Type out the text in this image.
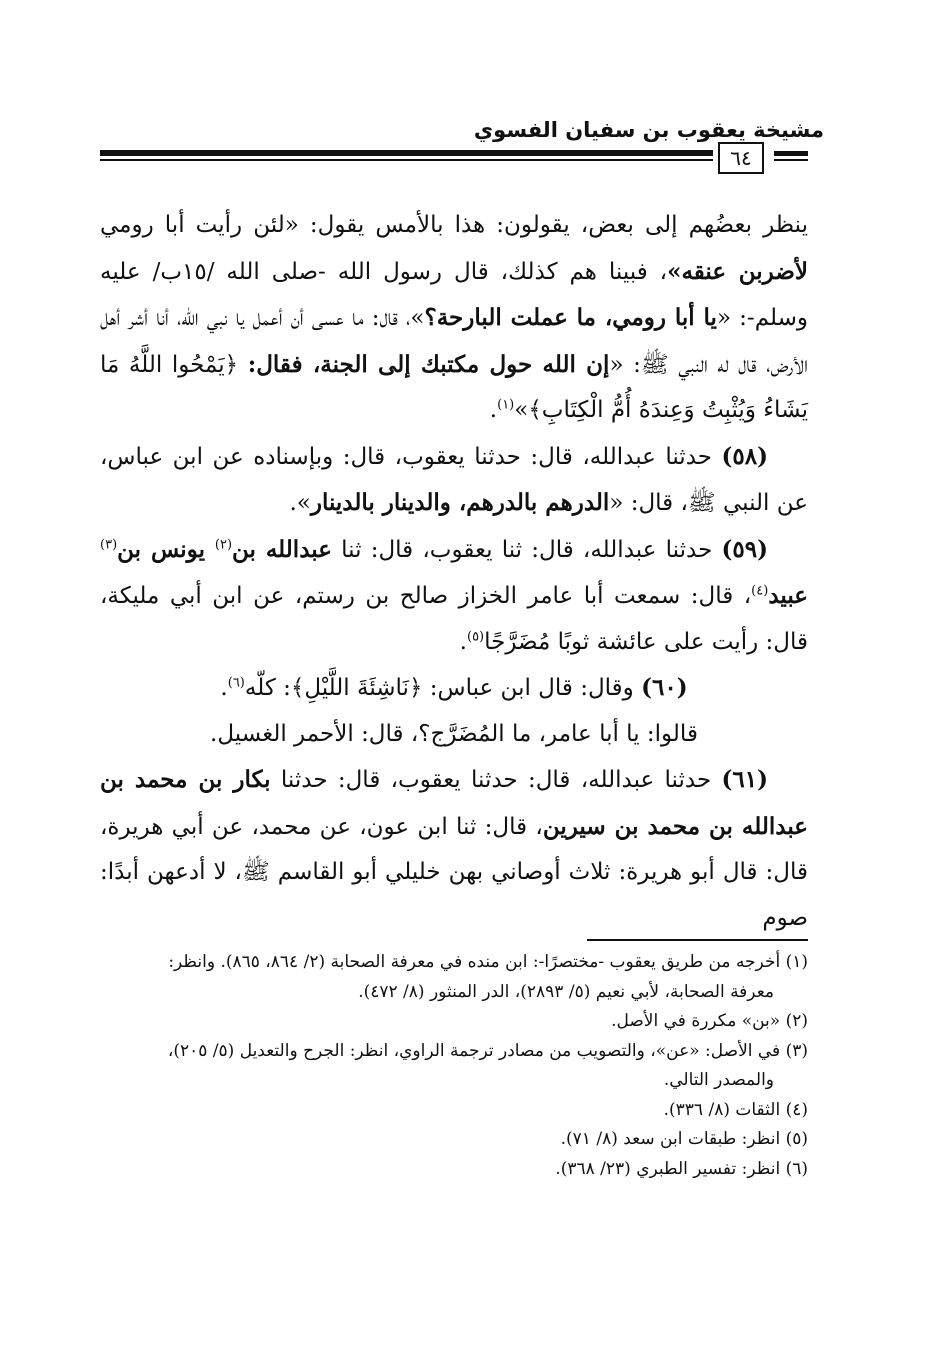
مشيخة يعقوب بن سفيان الفسوي
٦٤

ينظر بعضُهم إلى بعض، يقولون: هذا بالأمس يقول: «لئن رأيت أبا رومي لأضربن عنقه»، فبينا هم كذلك، قال رسول الله -صلى الله /١٥ب/ عليه وسلم-: «يا أبا رومي، ما عملت البارحة؟»، قال: ما عسى أن أعمل يا نبي الله، أنا أشر أهل الأرض، قال له النبي ﷺ: «إن الله حول مكتبك إلى الجنة، فقال: ﴿يَمْحُوا اللَّهُ مَا يَشَاءُ وَيُثْبِتُ وَعِندَهُ أُمُّ الْكِتَابِ﴾»$^{(١)}$.

(٥٨) حدثنا عبدالله، قال: حدثنا يعقوب، قال: وبإسناده عن ابن عباس، عن النبي ﷺ، قال: «الدرهم بالدرهم، والدينار بالدينار».

(٥٩) حدثنا عبدالله، قال: ثنا يعقوب، قال: ثنا عبدالله بن$^{(٢)}$ يونس بن$^{(٣)}$ عبيد$^{(٤)}$، قال: سمعت أبا عامر الخزاز صالح بن رستم، عن ابن أبي مليكة، قال: رأيت على عائشة ثوبًا مُضَرَّجًا$^{(٥)}$.

(٦٠) وقال: قال ابن عباس: ﴿نَاشِئَةَ اللَّيْلِ﴾: كلّه$^{(٦)}$.

قالوا: يا أبا عامر، ما المُضَرَّج؟، قال: الأحمر الغسيل.

(٦١) حدثنا عبدالله، قال: حدثنا يعقوب، قال: حدثنا بكار بن محمد بن عبدالله بن محمد بن سيرين، قال: ثنا ابن عون، عن محمد، عن أبي هريرة، قال: قال أبو هريرة: ثلاث أوصاني بهن خليلي أبو القاسم ﷺ، لا أدعهن أبدًا: صوم

(١) أخرجه من طريق يعقوب -مختصرًا-: ابن منده في معرفة الصحابة (٢/ ٨٦٤، ٨٦٥). وانظر:

معرفة الصحابة، لأبي نعيم (٥/ ٢٨٩٣)، الدر المنثور (٨/ ٤٧٢).

(٢) «بن» مكررة في الأصل.

(٣) في الأصل: «عن»، والتصويب من مصادر ترجمة الراوي، انظر: الجرح والتعديل (٥/ ٢٠٥)،

والمصدر التالي.

(٤) الثقات (٨/ ٣٣٦).

(٥) انظر: طبقات ابن سعد (٨/ ٧١).

(٦) انظر: تفسير الطبري (٢٣/ ٣٦٨).
